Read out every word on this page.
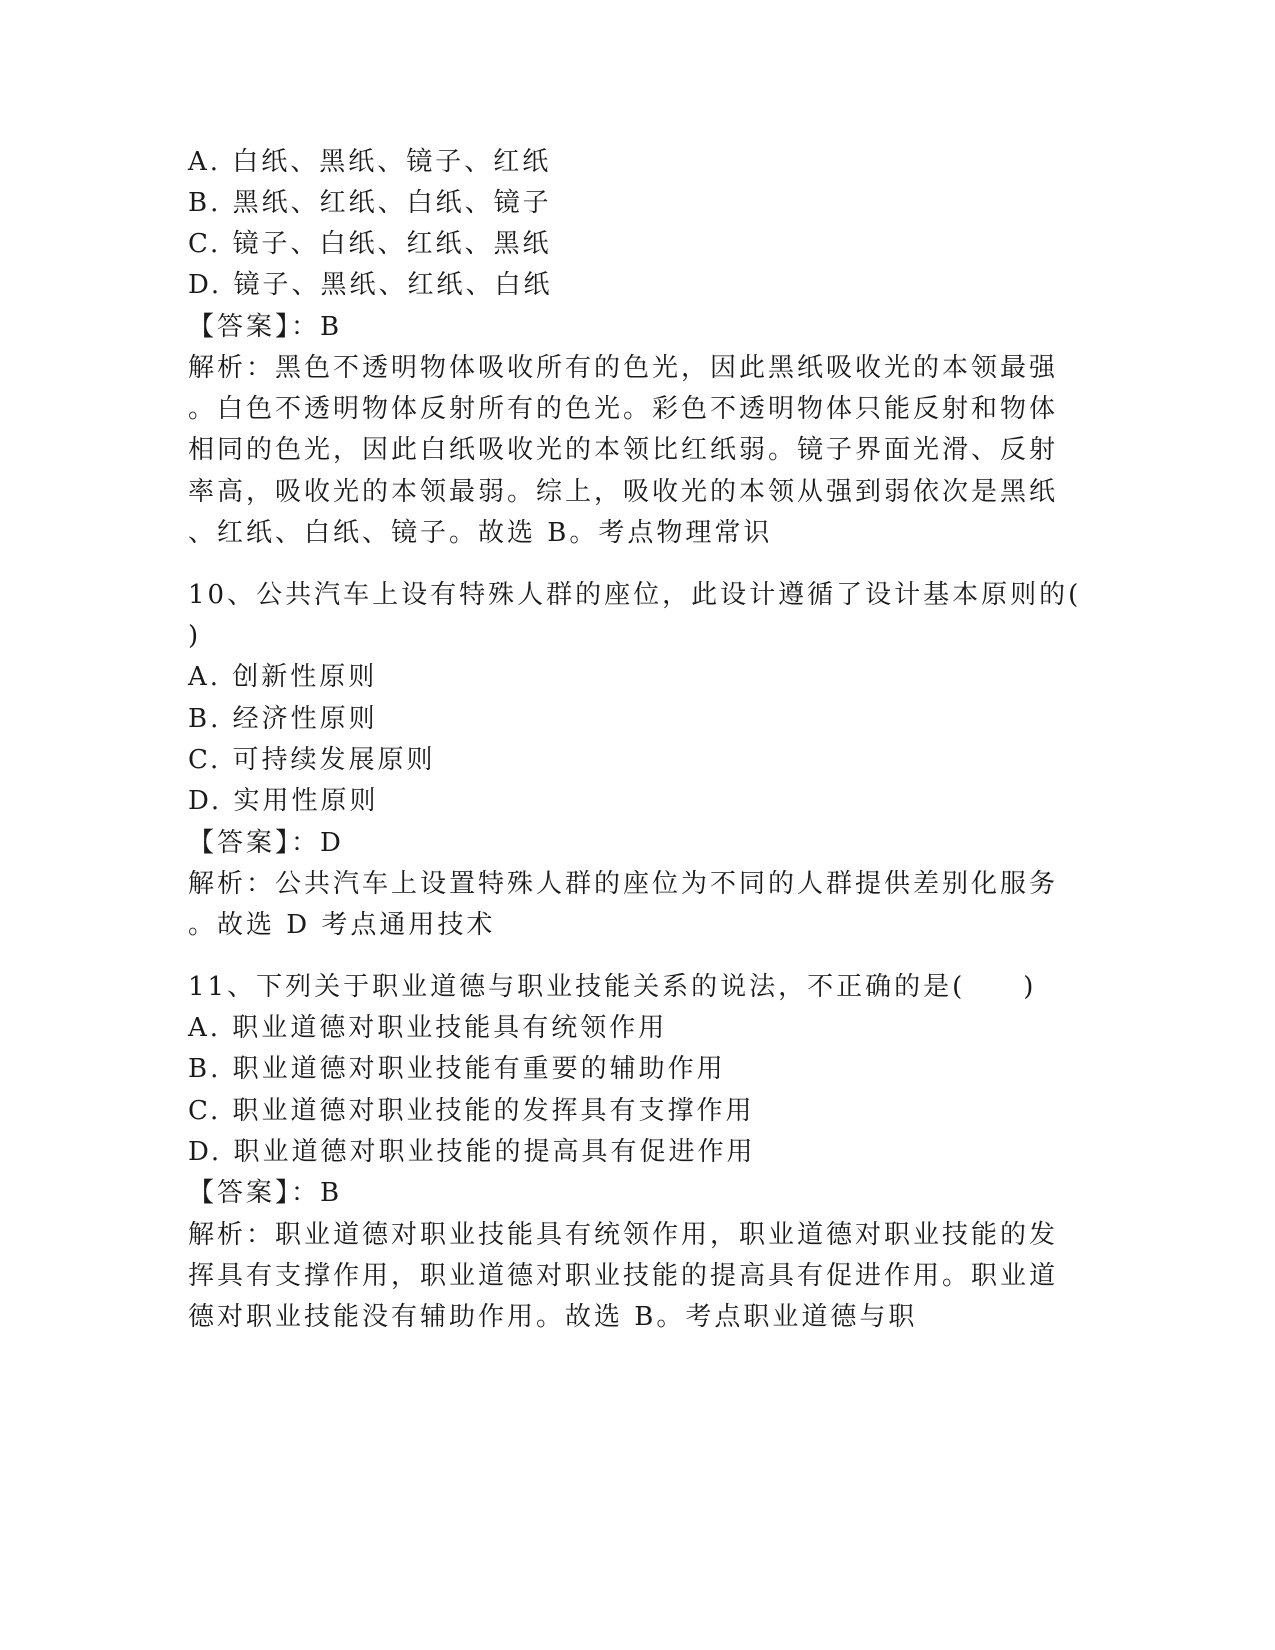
A. 白纸、黑纸、镜子、红纸
B. 黑纸、红纸、白纸、镜子
C. 镜子、白纸、红纸、黑纸
D. 镜子、黑纸、红纸、白纸
【答案】：B
解析：黑色不透明物体吸收所有的色光，因此黑纸吸收光的本领最强
。白色不透明物体反射所有的色光。彩色不透明物体只能反射和物体
相同的色光，因此白纸吸收光的本领比红纸弱。镜子界面光滑、反射
率高，吸收光的本领最弱。综上，吸收光的本领从强到弱依次是黑纸
、红纸、白纸、镜子。故选 B。考点物理常识
10、公共汽车上设有特殊人群的座位，此设计遵循了设计基本原则的(
)
A. 创新性原则
B. 经济性原则
C. 可持续发展原则
D. 实用性原则
【答案】：D
解析：公共汽车上设置特殊人群的座位为不同的人群提供差别化服务
。故选 D 考点通用技术
11、下列关于职业道德与职业技能关系的说法，不正确的是(　　)
A. 职业道德对职业技能具有统领作用
B. 职业道德对职业技能有重要的辅助作用
C. 职业道德对职业技能的发挥具有支撑作用
D. 职业道德对职业技能的提高具有促进作用
【答案】：B
解析：职业道德对职业技能具有统领作用，职业道德对职业技能的发
挥具有支撑作用，职业道德对职业技能的提高具有促进作用。职业道
德对职业技能没有辅助作用。故选 B。考点职业道德与职
